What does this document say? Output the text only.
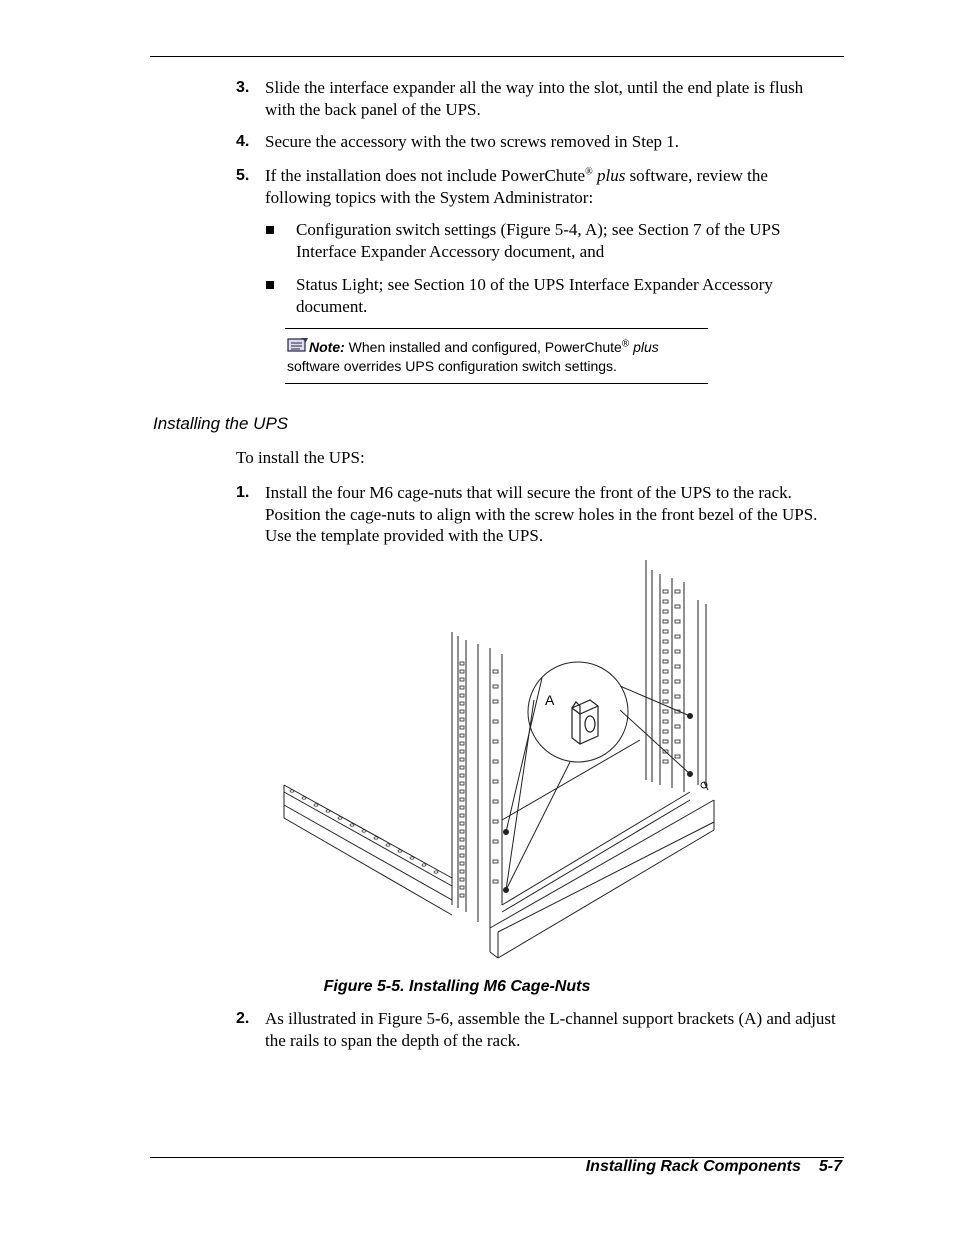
3. Slide the interface expander all the way into the slot, until the end plate is flush with the back panel of the UPS.
4. Secure the accessory with the two screws removed in Step 1.
5. If the installation does not include PowerChute® plus software, review the following topics with the System Administrator:
Configuration switch settings (Figure 5-4, A); see Section 7 of the UPS Interface Expander Accessory document, and
Status Light; see Section 10 of the UPS Interface Expander Accessory document.
Note: When installed and configured, PowerChute® plus
software overrides UPS configuration switch settings.
Installing the UPS
To install the UPS:
1. Install the four M6 cage-nuts that will secure the front of the UPS to the rack. Position the cage-nuts to align with the screw holes in the front bezel of the UPS. Use the template provided with the UPS.
A
Figure 5-5. Installing M6 Cage-Nuts
2. As illustrated in Figure 5-6, assemble the L-channel support brackets (A) and adjust the rails to span the depth of the rack.
Installing Rack Components 5-7
